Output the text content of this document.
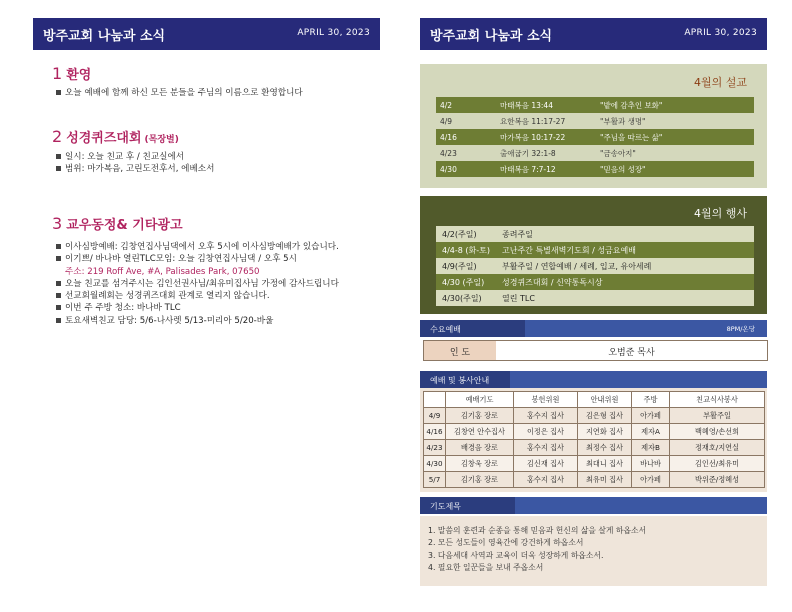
방주교회 나눔과 소식	APRIL 30, 2023
1 환영
오늘 예배에 함께 하신 모든 분들을 주님의 이름으로 환영합니다
2 성경퀴즈대회 (목장별)
일시: 오늘 친교 후 / 친교실에서
범위: 마가복음, 고린도전후서, 에베소서
3 교우동정& 기타광고
이사심방예배: 김창연집사님댁에서 오후 5시에 이사심방예배가 있습니다.
이기쁘/ 바나바 열린TLC모임: 오늘 김창연집사님댁 / 오후 5시
주소: 219 Roff Ave, #A, Palisades Park, 07650
오늘 친교를 섬겨주시는 김인선권사님/최유미집사님 가정에 감사드립니다
선교회월례회는 성경퀴즈대회 관계로 열리지 않습니다.
이번 주 주방 청소: 바나바 TLC
토요새벽친교 담당: 5/6-나사렛 5/13-미리아 5/20-바울
방주교회 나눔과 소식	APRIL 30, 2023
4월의 설교
4/2	마태복음 13:44	"밭에 감추인 보화"
4/9	요한복음 11:17-27	"부활과 생명"
4/16	마가복음 10:17-22	"주님을 따르는 삶"
4/23	출애굽기 32:1-8	"금송아지"
4/30	마태복음 7:7-12	"믿음의 성장"
4월의 행사
4/2(주일)	종려주일
4/4-8 (화-토)	고난주간 특별새벽기도회 / 성금요예배
4/9(주일)	부활주일 / 연합예배 / 세례, 입교, 유아세례
4/30 (주일)	성경퀴즈대회 / 신약통독시상
4/30(주일)	열린 TLC
수요예배	8PM/온당
인 도	오범준 목사
예배 및 봉사안내
	예배기도	봉헌위원	안내위원	주방	친교식사봉사
4/9	김기홍 장로	홍수지 집사	김은형 집사	아가페	부활주일
4/16	김창연 안수집사	이정은 집사	지연화 집사	제자A	백혜영/손선희
4/23	배경음 장로	홍수지 집사	최정수 집사	제자B	정재호/지연실
4/30	김창욱 장로	김신재 집사	최대니 집사	바나바	김인선/최유미
5/7	김기홍 장로	홍수지 집사	최유미 집사	아가페	박위준/정혜성
기도제목
1. 말씀의 훈련과 순종을 통해 믿음과 헌신의 삶을 살게 하옵소서
2. 모든 성도들이 영육간에 강건하게 하옵소서
3. 다음세대 사역과 교육이 더욱 성장하게 하옵소서.
4. 필요한 일꾼들을 보내 주옵소서
